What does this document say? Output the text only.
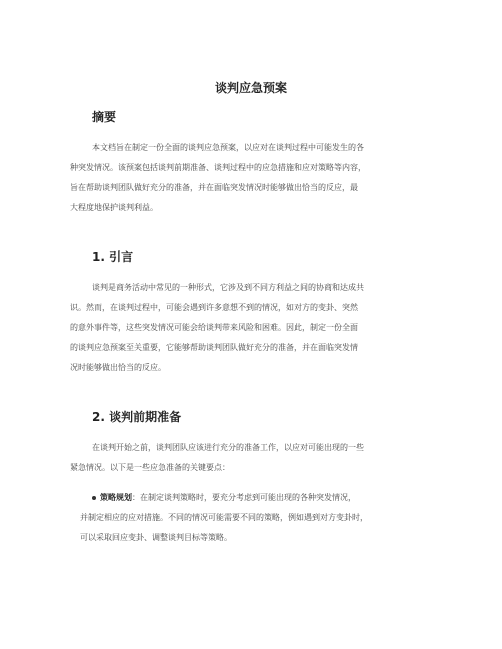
谈判应急预案
摘要
本文档旨在制定一份全面的谈判应急预案，以应对在谈判过程中可能发生的各
种突发情况。该预案包括谈判前期准备、谈判过程中的应急措施和应对策略等内容，
旨在帮助谈判团队做好充分的准备，并在面临突发情况时能够做出恰当的反应，最
大程度地保护谈判利益。
1. 引言
谈判是商务活动中常见的一种形式，它涉及到不同方利益之间的协商和达成共
识。然而，在谈判过程中，可能会遇到许多意想不到的情况，如对方的变卦、突然
的意外事件等，这些突发情况可能会给谈判带来风险和困难。因此，制定一份全面
的谈判应急预案至关重要，它能够帮助谈判团队做好充分的准备，并在面临突发情
况时能够做出恰当的反应。
2. 谈判前期准备
在谈判开始之前，谈判团队应该进行充分的准备工作，以应对可能出现的一些
紧急情况。以下是一些应急准备的关键要点：
策略规划：在制定谈判策略时，要充分考虑到可能出现的各种突发情况，
并制定相应的应对措施。不同的情况可能需要不同的策略，例如遇到对方变卦时，
可以采取回应变卦、调整谈判目标等策略。
